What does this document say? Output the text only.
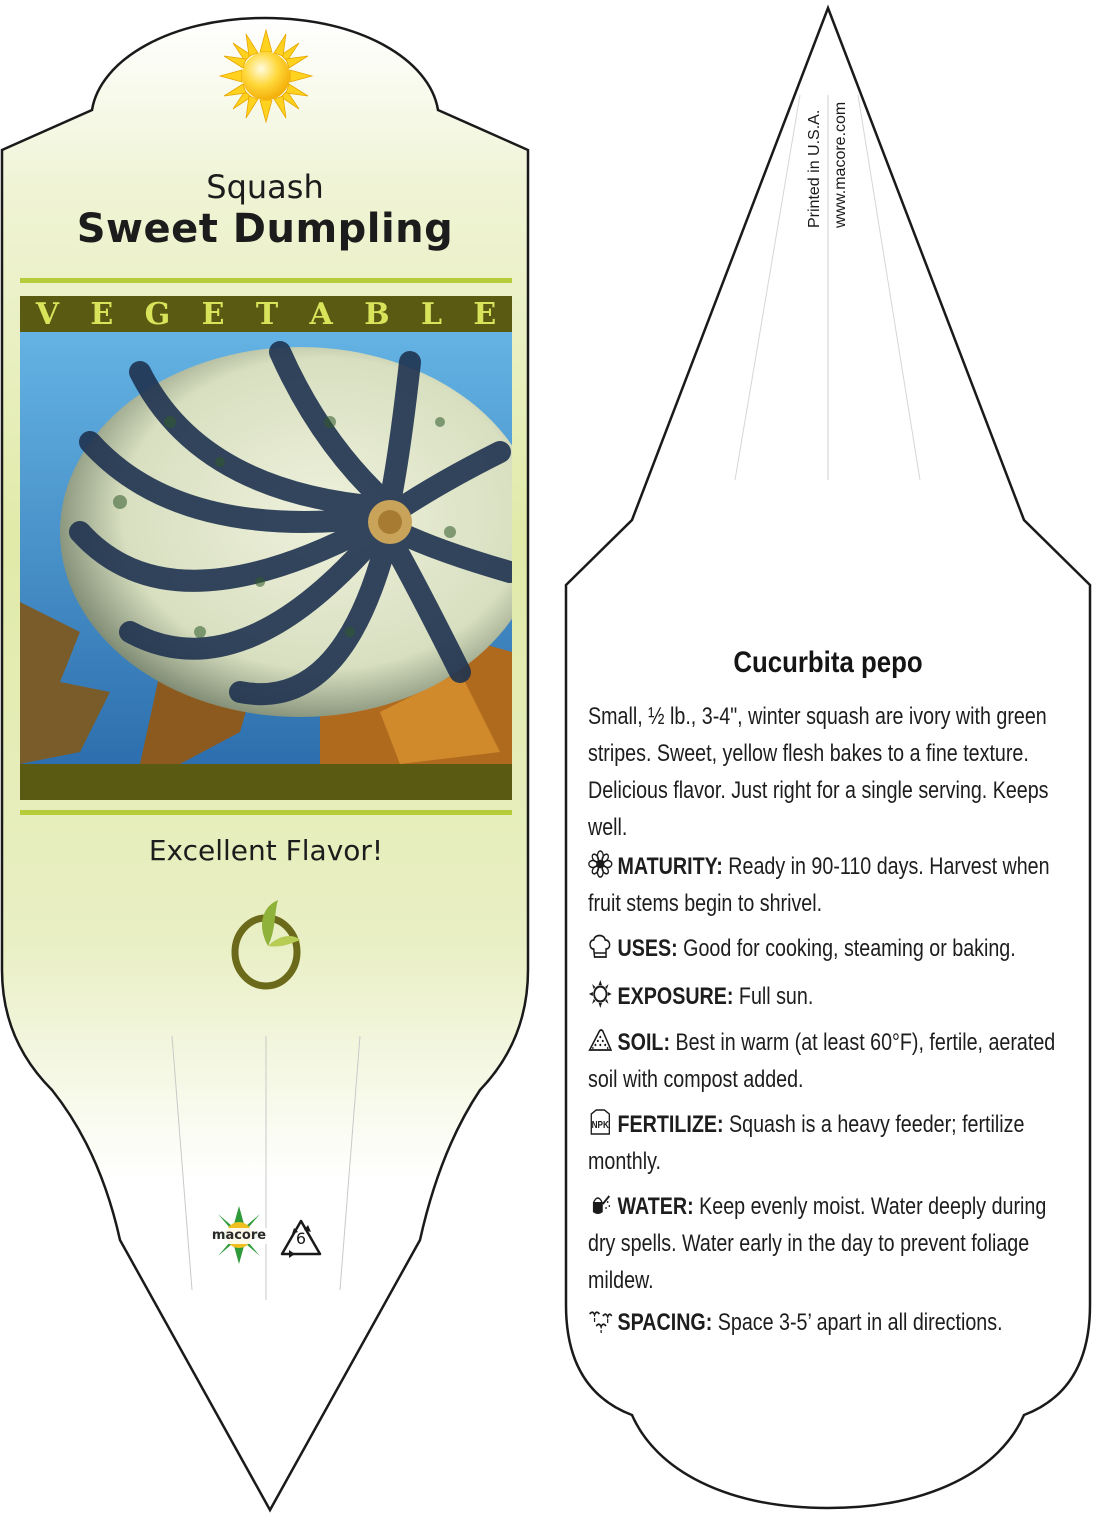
Squash
Sweet Dumpling
V E G E T A B L E
Excellent Flavor!
macore	6
Printed in U.S.A. www.macore.com
Cucurbita pepo
Small, ½ lb., 3-4", winter squash are ivory with green stripes. Sweet, yellow flesh bakes to a fine texture. Delicious flavor. Just right for a single serving. Keeps well.
MATURITY: Ready in 90-110 days. Harvest when fruit stems begin to shrivel.
USES: Good for cooking, steaming or baking.
EXPOSURE: Full sun.
SOIL: Best in warm (at least 60°F), fertile, aerated soil with compost added.
NPK FERTILIZE: Squash is a heavy feeder; fertilize monthly.
WATER: Keep evenly moist. Water deeply during dry spells. Water early in the day to prevent foliage mildew.
SPACING: Space 3-5’ apart in all directions.
